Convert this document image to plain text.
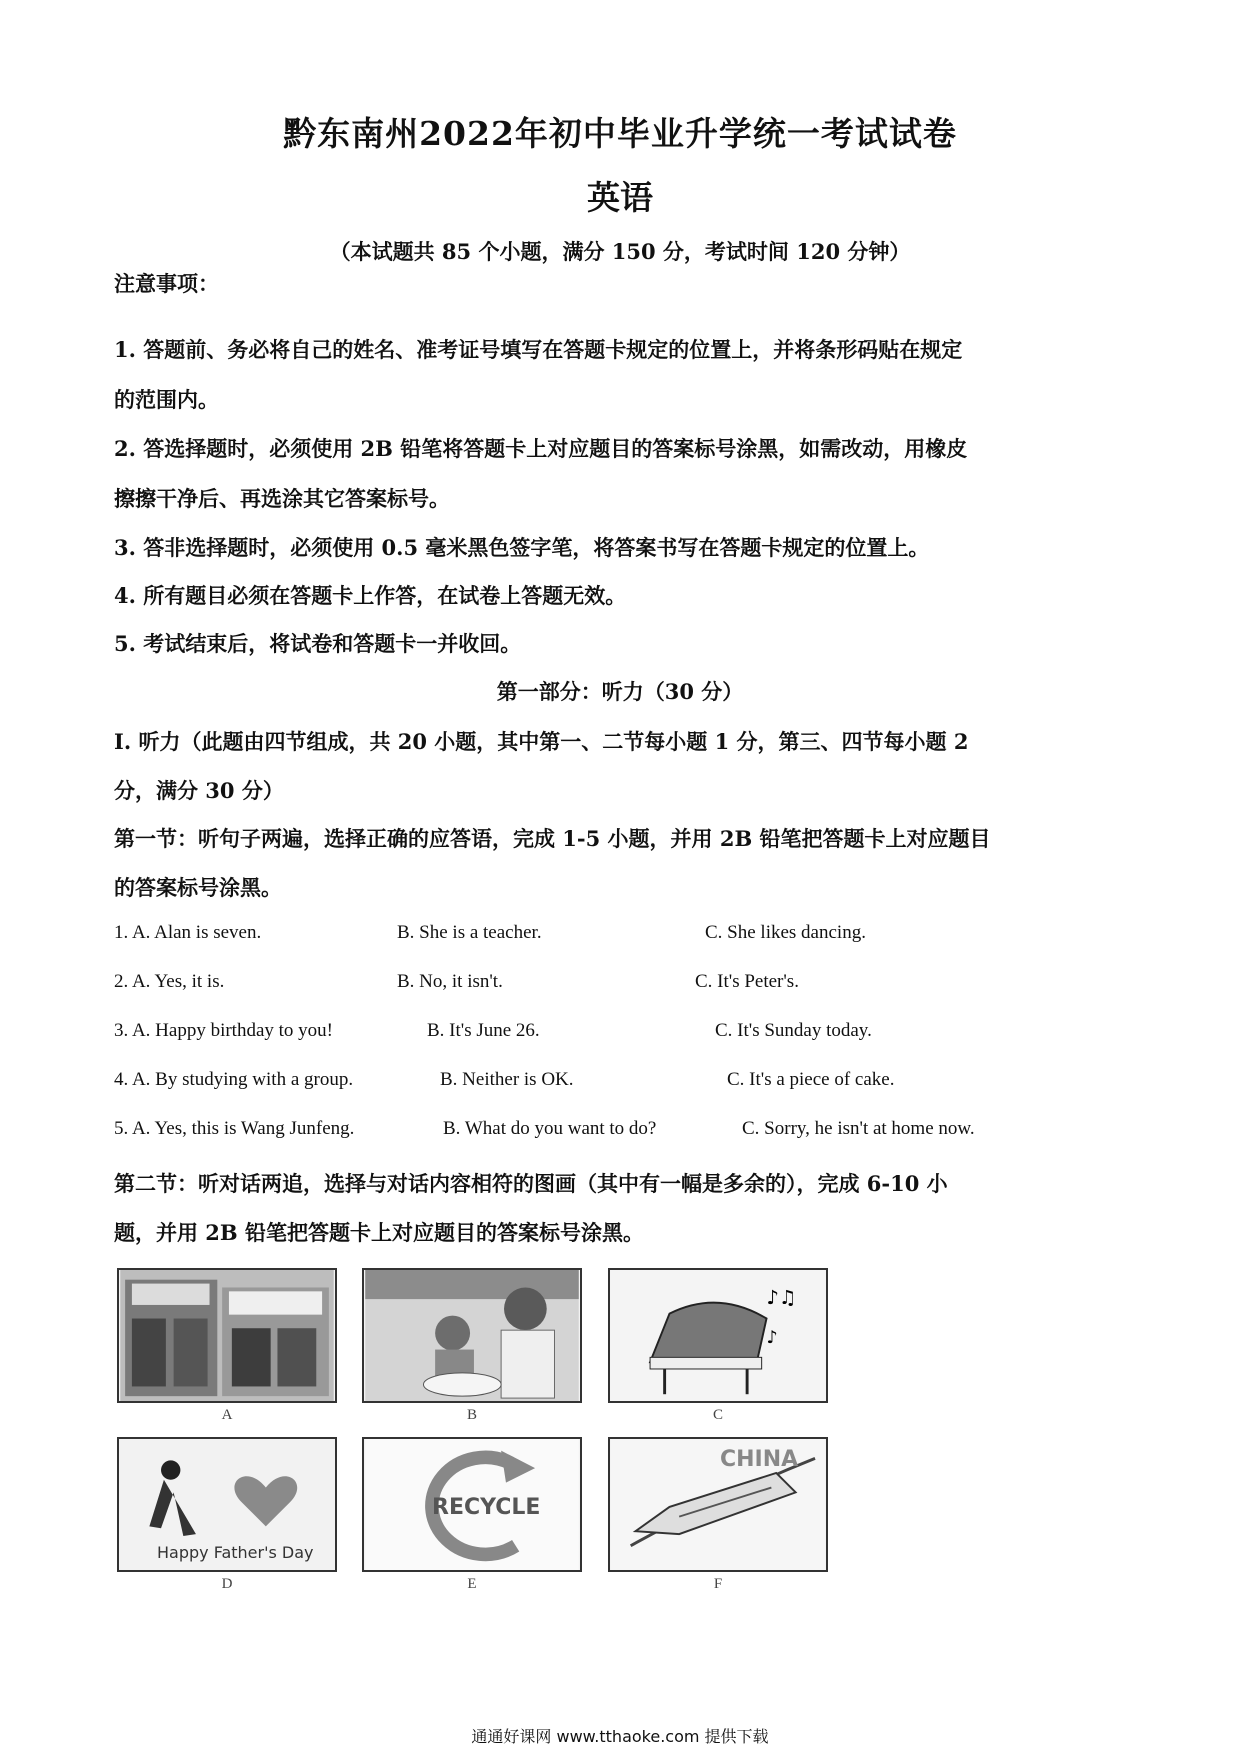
黔东南州2022年初中毕业升学统一考试试卷
英语
（本试题共 85 个小题，满分 150 分，考试时间 120 分钟）
注意事项：
1. 答题前、务必将自己的姓名、准考证号填写在答题卡规定的位置上，并将条形码贴在规定
的范围内。
2. 答选择题时，必须使用 2B 铅笔将答题卡上对应题目的答案标号涂黑，如需改动，用橡皮
擦擦干净后、再选涂其它答案标号。
3. 答非选择题时，必须使用 0.5 毫米黑色签字笔，将答案书写在答题卡规定的位置上。
4. 所有题目必须在答题卡上作答，在试卷上答题无效。
5. 考试结束后，将试卷和答题卡一并收回。
第一部分：听力（30 分）
Ⅰ. 听力（此题由四节组成，共 20 小题，其中第一、二节每小题 1 分，第三、四节每小题 2
分，满分 30 分）
第一节：听句子两遍，选择正确的应答语，完成 1-5 小题，并用 2B 铅笔把答题卡上对应题目
的答案标号涂黑。
1. A. Alan is seven.	B. She is a teacher.	C. She likes dancing.
2. A. Yes, it is.	B. No, it isn't.	C. It's Peter's.
3. A. Happy birthday to you!	B. It's June 26.	C. It's Sunday today.
4. A. By studying with a group.	B. Neither is OK.	C. It's a piece of cake.
5. A. Yes, this is Wang Junfeng.	B. What do you want to do?	C. Sorry, he isn't at home now.
第二节：听对话两追，选择与对话内容相符的图画（其中有一幅是多余的），完成 6-10 小
题，并用 2B 铅笔把答题卡上对应题目的答案标号涂黑。
A	B
♪♫
♪
C
Happy Father's Day
D
RECYCLE
E
CHINA
F
通通好课网 www.tthaoke.com 提供下载
